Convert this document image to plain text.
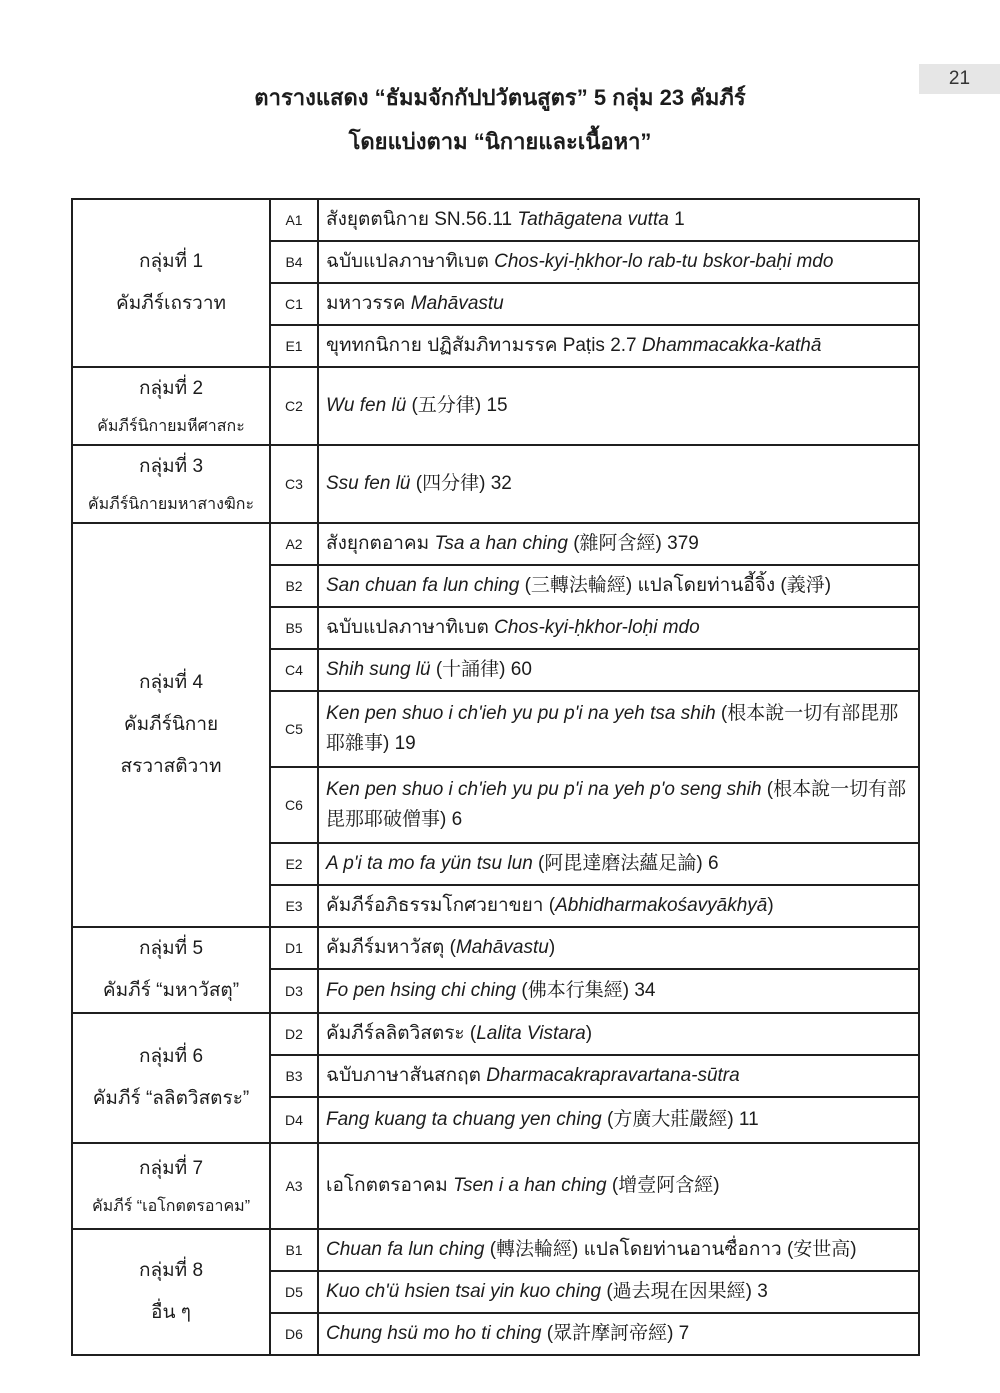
21
ตารางแสดง “ธัมมจักกัปปวัตนสูตร” 5 กลุ่ม 23 คัมภีร์
โดยแบ่งตาม “นิกายและเนื้อหา”
กลุ่มที่ 1
คัมภีร์เถรวาท	A1	สังยุตตนิกาย SN.56.11 Tathāgatena vutta 1
	B4	ฉบับแปลภาษาทิเบต Chos-kyi-ḥkhor-lo rab-tu bskor-baḥi mdo
	C1	มหาวรรค Mahāvastu
	E1	ขุททกนิกาย ปฏิสัมภิทามรรค Paṭis 2.7 Dhammacakka-kathā

กลุ่มที่ 2
คัมภีร์นิกายมหีศาสกะ	C2	Wu fen lü (五分律) 15

กลุ่มที่ 3
คัมภีร์นิกายมหาสางฆิกะ	C3	Ssu fen lü (四分律) 32

กลุ่มที่ 4
คัมภีร์นิกาย
สรวาสติวาท	A2	สังยุกตอาคม Tsa a han ching (雜阿含經) 379
	B2	San chuan fa lun ching (三轉法輪經) แปลโดยท่านอี้จิ้ง (義淨)
	B5	ฉบับแปลภาษาทิเบต Chos-kyi-ḥkhor-loḥi mdo
	C4	Shih sung lü (十誦律) 60
	C5	Ken pen shuo i ch'ieh yu pu p'i na yeh tsa shih (根本說一切有部毘那耶雜事) 19
	C6	Ken pen shuo i ch'ieh yu pu p'i na yeh p'o seng shih (根本說一切有部毘那耶破僧事) 6
	E2	A p'i ta mo fa yün tsu lun (阿毘達磨法蘊足論) 6
	E3	คัมภีร์อภิธรรมโกศวยาขยา (Abhidharmakośavyākhyā)

กลุ่มที่ 5
คัมภีร์ “มหาวัสตุ”	D1	คัมภีร์มหาวัสตุ (Mahāvastu)
	D3	Fo pen hsing chi ching (佛本行集經) 34

กลุ่มที่ 6
คัมภีร์ “ลลิตวิสตระ”	D2	คัมภีร์ลลิตวิสตระ (Lalita Vistara)
	B3	ฉบับภาษาสันสกฤต Dharmacakrapravartana-sūtra
	D4	Fang kuang ta chuang yen ching (方廣大莊嚴經) 11

กลุ่มที่ 7
คัมภีร์ “เอโกตตรอาคม”	A3	เอโกตตรอาคม Tsen i a han ching (增壹阿含經)

กลุ่มที่ 8
อื่น ๆ	B1	Chuan fa lun ching (轉法輪經) แปลโดยท่านอานซื่อกาว (安世高)
	D5	Kuo ch'ü hsien tsai yin kuo ching (過去現在因果經) 3
	D6	Chung hsü mo ho ti ching (眾許摩訶帝經) 7
